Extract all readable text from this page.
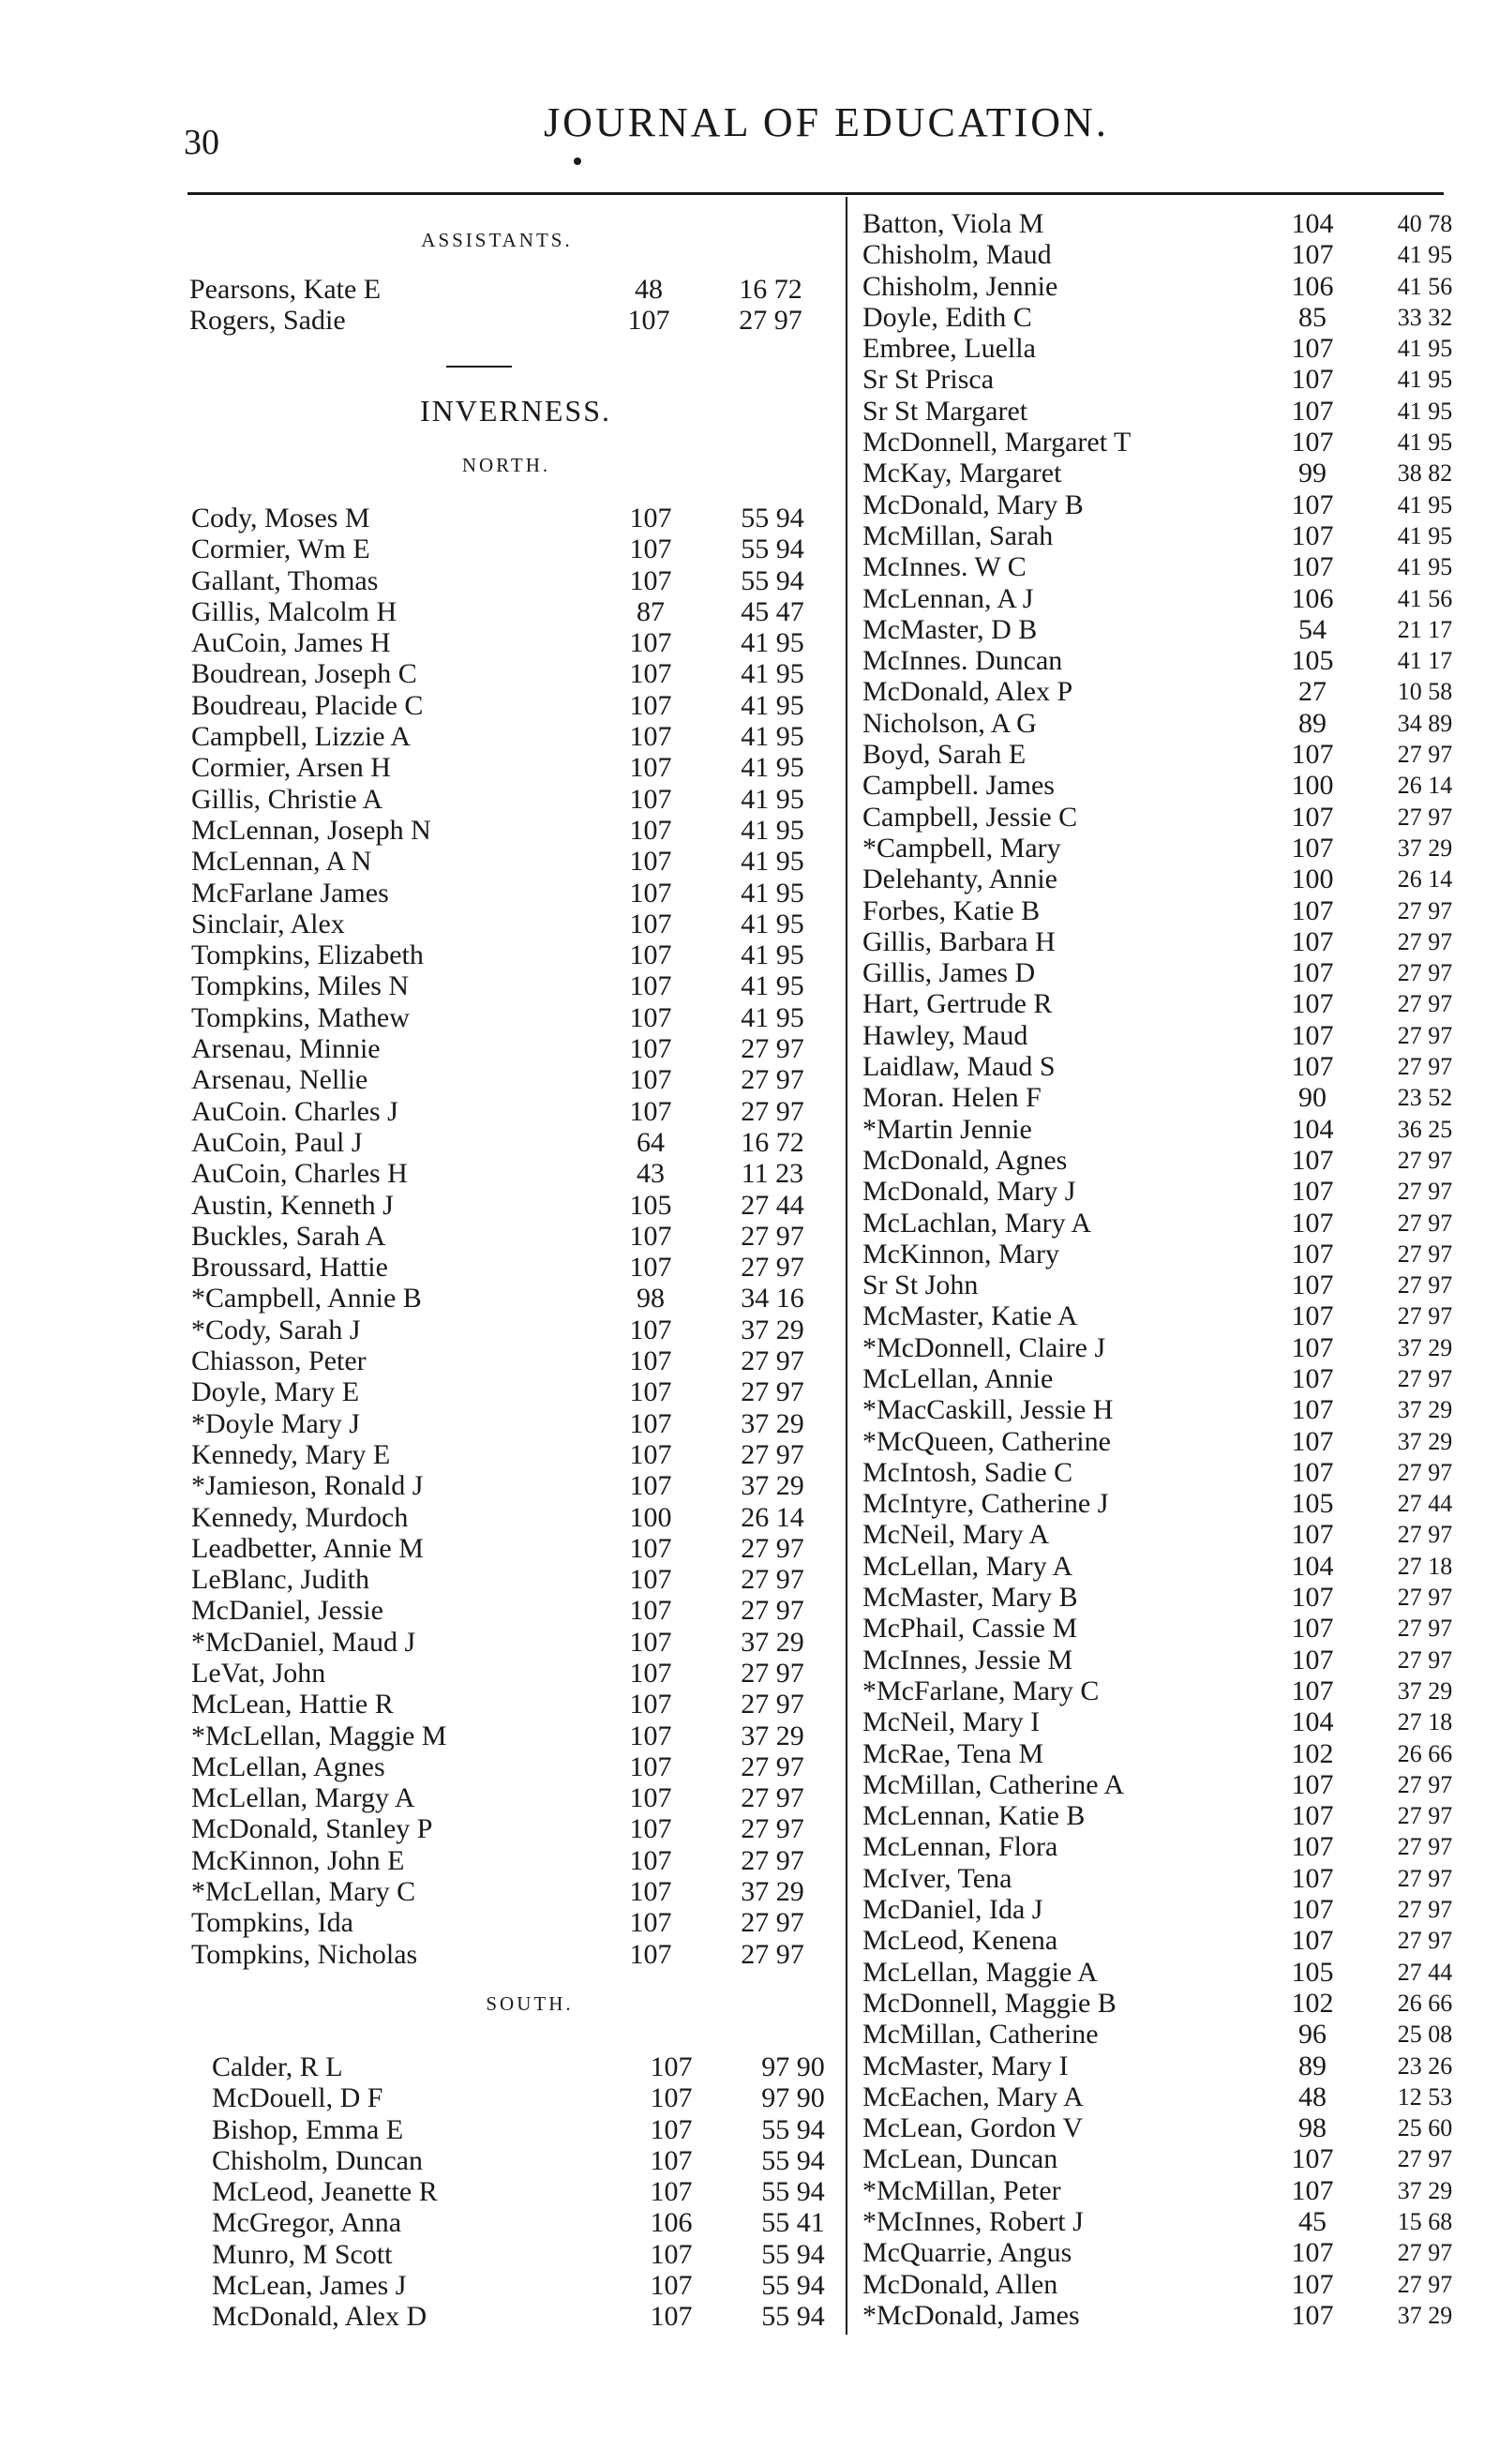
30	JOURNAL OF EDUCATION.
ASSISTANTS.
Pearsons, Kate E	48	16 72
Rogers, Sadie	107	27 97
INVERNESS.
NORTH.
Cody, Moses M	107	55 94
Cormier, Wm E	107	55 94
Gallant, Thomas	107	55 94
Gillis, Malcolm H	87	45 47
AuCoin, James H	107	41 95
Boudrean, Joseph C	107	41 95
Boudreau, Placide C	107	41 95
Campbell, Lizzie A	107	41 95
Cormier, Arsen H	107	41 95
Gillis, Christie A	107	41 95
McLennan, Joseph N	107	41 95
McLennan, A N	107	41 95
McFarlane James	107	41 95
Sinclair, Alex	107	41 95
Tompkins, Elizabeth	107	41 95
Tompkins, Miles N	107	41 95
Tompkins, Mathew	107	41 95
Arsenau, Minnie	107	27 97
Arsenau, Nellie	107	27 97
AuCoin. Charles J	107	27 97
AuCoin, Paul J	64	16 72
AuCoin, Charles H	43	11 23
Austin, Kenneth J	105	27 44
Buckles, Sarah A	107	27 97
Broussard, Hattie	107	27 97
*Campbell, Annie B	98	34 16
*Cody, Sarah J	107	37 29
Chiasson, Peter	107	27 97
Doyle, Mary E	107	27 97
*Doyle Mary J	107	37 29
Kennedy, Mary E	107	27 97
*Jamieson, Ronald J	107	37 29
Kennedy, Murdoch	100	26 14
Leadbetter, Annie M	107	27 97
LeBlanc, Judith	107	27 97
McDaniel, Jessie	107	27 97
*McDaniel, Maud J	107	37 29
LeVat, John	107	27 97
McLean, Hattie R	107	27 97
*McLellan, Maggie M	107	37 29
McLellan, Agnes	107	27 97
McLellan, Margy A	107	27 97
McDonald, Stanley P	107	27 97
McKinnon, John E	107	27 97
*McLellan, Mary C	107	37 29
Tompkins, Ida	107	27 97
Tompkins, Nicholas	107	27 97
SOUTH.
Calder, R L	107	97 90
McDouell, D F	107	97 90
Bishop, Emma E	107	55 94
Chisholm, Duncan	107	55 94
McLeod, Jeanette R	107	55 94
McGregor, Anna	106	55 41
Munro, M Scott	107	55 94
McLean, James J	107	55 94
McDonald, Alex D	107	55 94
Batton, Viola M	104	40 78
Chisholm, Maud	107	41 95
Chisholm, Jennie	106	41 56
Doyle, Edith C	85	33 32
Embree, Luella	107	41 95
Sr St Prisca	107	41 95
Sr St Margaret	107	41 95
McDonnell, Margaret T	107	41 95
McKay, Margaret	99	38 82
McDonald, Mary B	107	41 95
McMillan, Sarah	107	41 95
McInnes. W C	107	41 95
McLennan, A J	106	41 56
McMaster, D B	54	21 17
McInnes. Duncan	105	41 17
McDonald, Alex P	27	10 58
Nicholson, A G	89	34 89
Boyd, Sarah E	107	27 97
Campbell. James	100	26 14
Campbell, Jessie C	107	27 97
*Campbell, Mary	107	37 29
Delehanty, Annie	100	26 14
Forbes, Katie B	107	27 97
Gillis, Barbara H	107	27 97
Gillis, James D	107	27 97
Hart, Gertrude R	107	27 97
Hawley, Maud	107	27 97
Laidlaw, Maud S	107	27 97
Moran. Helen F	90	23 52
*Martin Jennie	104	36 25
McDonald, Agnes	107	27 97
McDonald, Mary J	107	27 97
McLachlan, Mary A	107	27 97
McKinnon, Mary	107	27 97
Sr St John	107	27 97
McMaster, Katie A	107	27 97
*McDonnell, Claire J	107	37 29
McLellan, Annie	107	27 97
*MacCaskill, Jessie H	107	37 29
*McQueen, Catherine	107	37 29
McIntosh, Sadie C	107	27 97
McIntyre, Catherine J	105	27 44
McNeil, Mary A	107	27 97
McLellan, Mary A	104	27 18
McMaster, Mary B	107	27 97
McPhail, Cassie M	107	27 97
McInnes, Jessie M	107	27 97
*McFarlane, Mary C	107	37 29
McNeil, Mary I	104	27 18
McRae, Tena M	102	26 66
McMillan, Catherine A	107	27 97
McLennan, Katie B	107	27 97
McLennan, Flora	107	27 97
McIver, Tena	107	27 97
McDaniel, Ida J	107	27 97
McLeod, Kenena	107	27 97
McLellan, Maggie A	105	27 44
McDonnell, Maggie B	102	26 66
McMillan, Catherine	96	25 08
McMaster, Mary I	89	23 26
McEachen, Mary A	48	12 53
McLean, Gordon V	98	25 60
McLean, Duncan	107	27 97
*McMillan, Peter	107	37 29
*McInnes, Robert J	45	15 68
McQuarrie, Angus	107	27 97
McDonald, Allen	107	27 97
*McDonald, James	107	37 29
